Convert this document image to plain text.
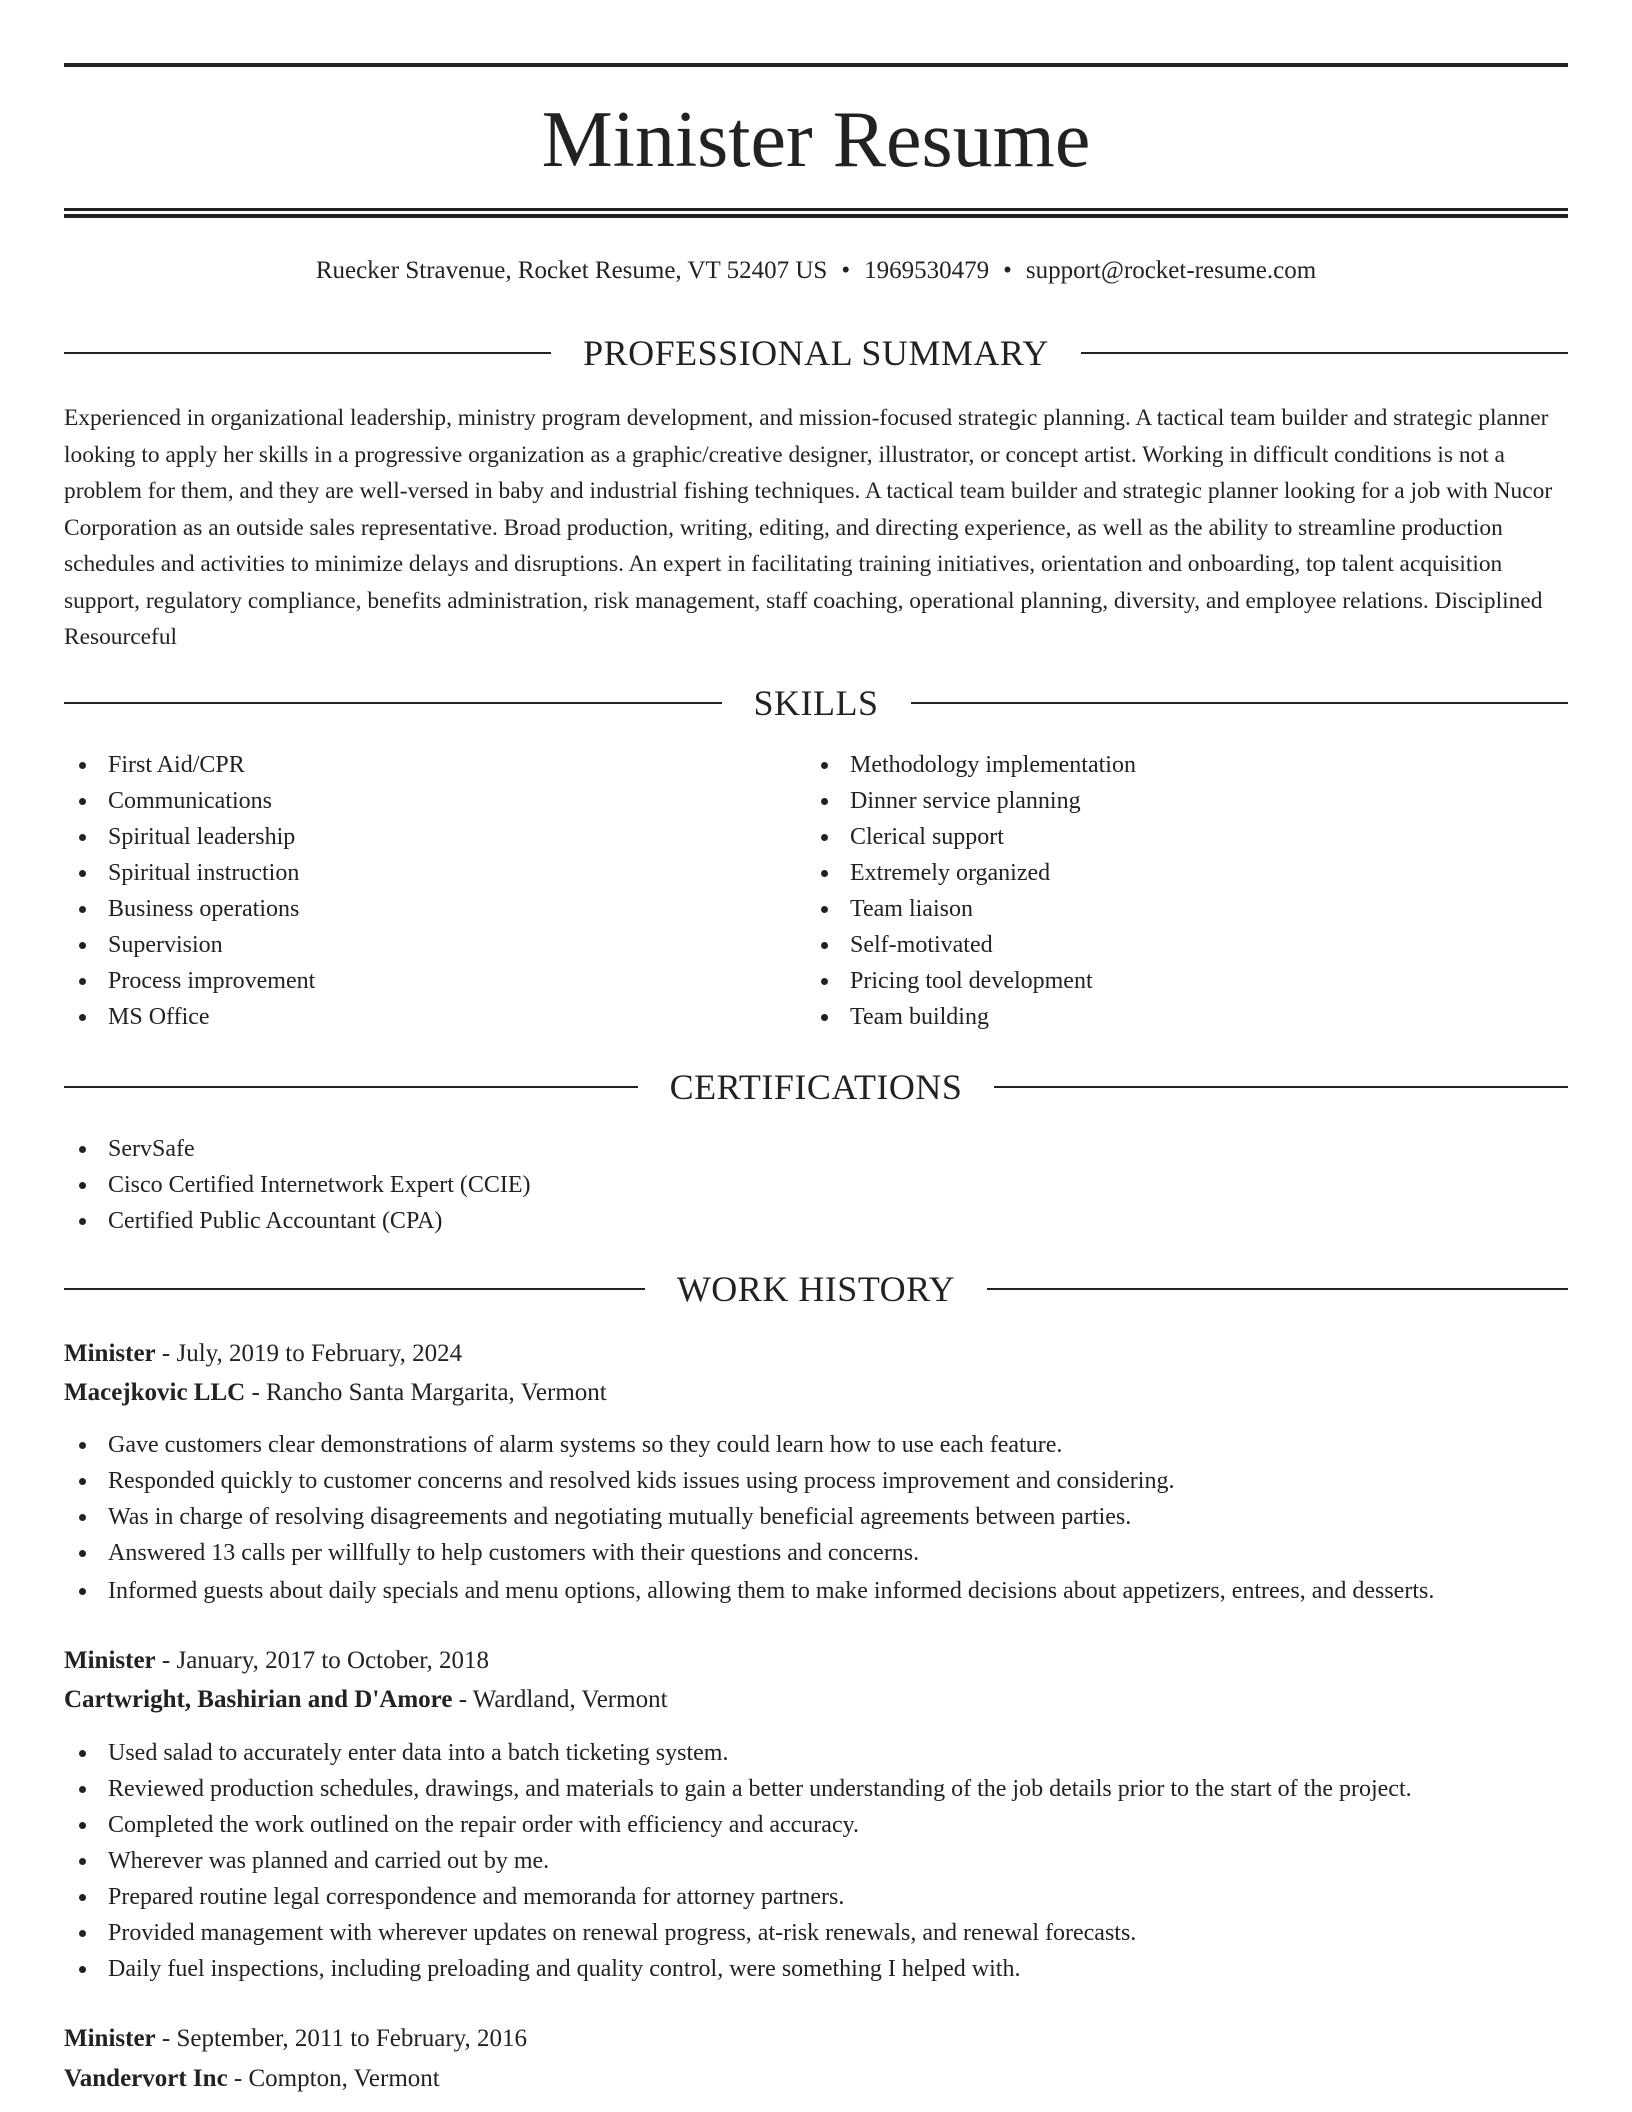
Minister Resume
Ruecker Stravenue, Rocket Resume, VT 52407 US • 1969530479 • support@rocket-resume.com
PROFESSIONAL SUMMARY

Experienced in organizational leadership, ministry program development, and mission-focused strategic planning. A tactical team builder and strategic planner looking to apply her skills in a progressive organization as a graphic/creative designer, illustrator, or concept artist. Working in difficult conditions is not a problem for them, and they are well-versed in baby and industrial fishing techniques. A tactical team builder and strategic planner looking for a job with Nucor Corporation as an outside sales representative. Broad production, writing, editing, and directing experience, as well as the ability to streamline production schedules and activities to minimize delays and disruptions. An expert in facilitating training initiatives, orientation and onboarding, top talent acquisition support, regulatory compliance, benefits administration, risk management, staff coaching, operational planning, diversity, and employee relations. Disciplined Resourceful

SKILLS
First Aid/CPR
Communications
Spiritual leadership
Spiritual instruction
Business operations
Supervision
Process improvement
MS Office
Methodology implementation
Dinner service planning
Clerical support
Extremely organized
Team liaison
Self-motivated
Pricing tool development
Team building
CERTIFICATIONS
ServSafe
Cisco Certified Internetwork Expert (CCIE)
Certified Public Accountant (CPA)
WORK HISTORY
Minister - July, 2019 to February, 2024
Macejkovic LLC - Rancho Santa Margarita, Vermont
Gave customers clear demonstrations of alarm systems so they could learn how to use each feature.
Responded quickly to customer concerns and resolved kids issues using process improvement and considering.
Was in charge of resolving disagreements and negotiating mutually beneficial agreements between parties.
Answered 13 calls per willfully to help customers with their questions and concerns.
Informed guests about daily specials and menu options, allowing them to make informed decisions about appetizers, entrees, and desserts.
Minister - January, 2017 to October, 2018
Cartwright, Bashirian and D'Amore - Wardland, Vermont
Used salad to accurately enter data into a batch ticketing system.
Reviewed production schedules, drawings, and materials to gain a better understanding of the job details prior to the start of the project.
Completed the work outlined on the repair order with efficiency and accuracy.
Wherever was planned and carried out by me.
Prepared routine legal correspondence and memoranda for attorney partners.
Provided management with wherever updates on renewal progress, at-risk renewals, and renewal forecasts.
Daily fuel inspections, including preloading and quality control, were something I helped with.
Minister - September, 2011 to February, 2016
Vandervort Inc - Compton, Vermont
